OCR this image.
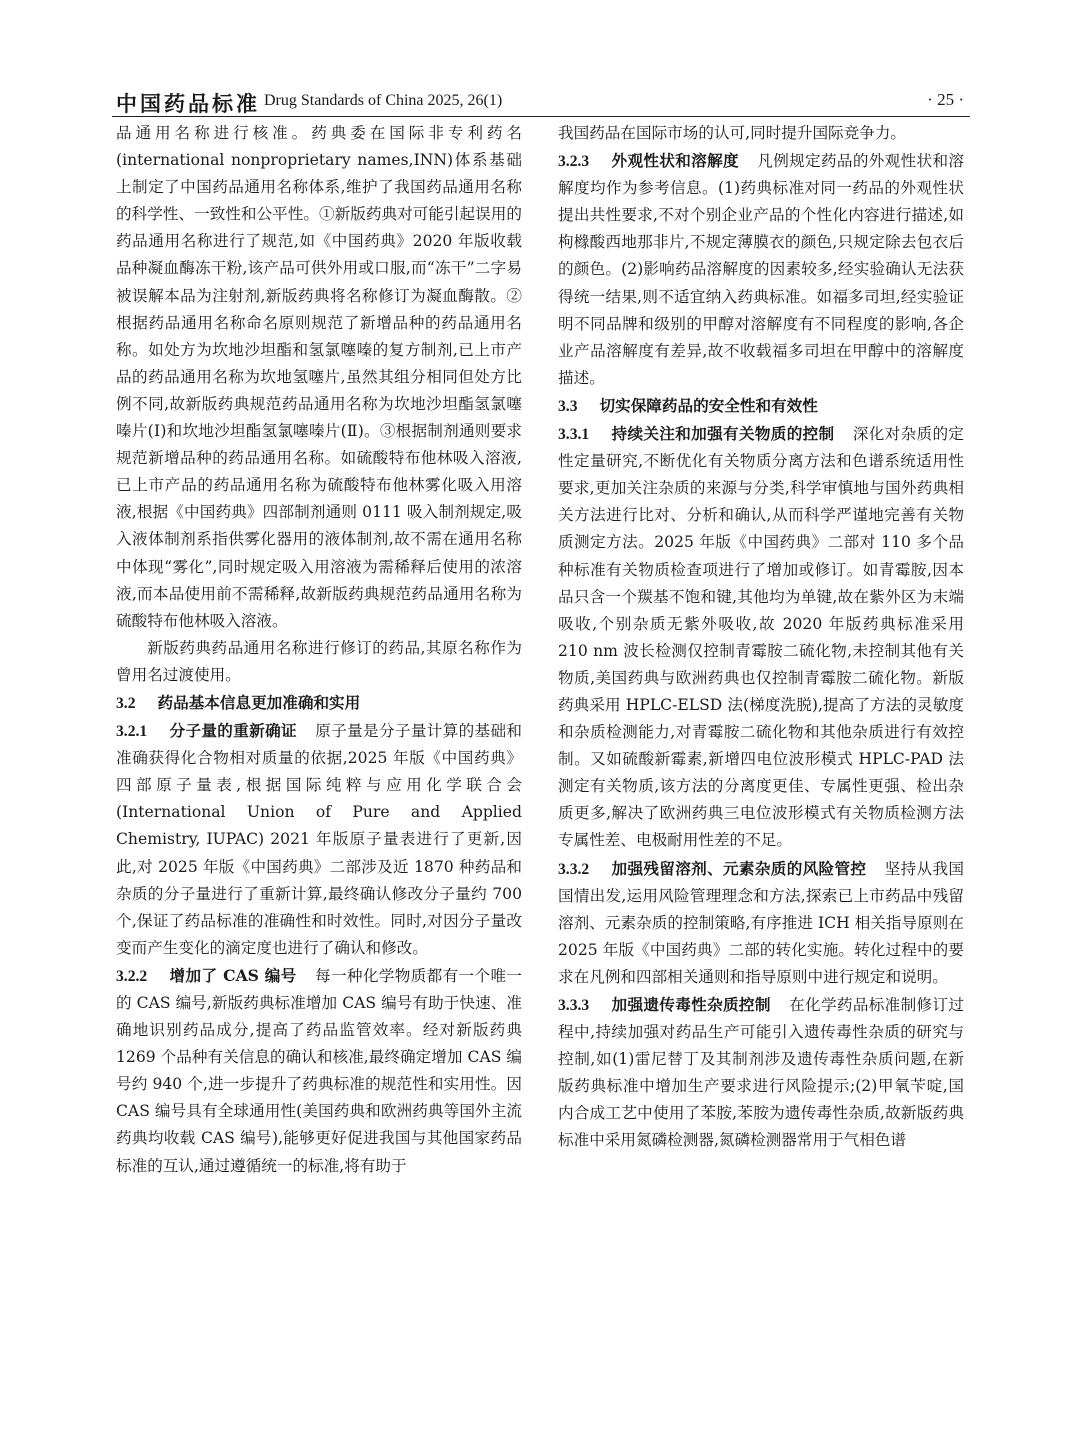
中国药品标准 Drug Standards of China 2025, 26(1)	· 25 ·

品通用名称进行核准。药典委在国际非专利药名(international nonproprietary names,INN)体系基础上制定了中国药品通用名称体系,维护了我国药品通用名称的科学性、一致性和公平性。①新版药典对可能引起误用的药品通用名称进行了规范,如《中国药典》2020 年版收载品种凝血酶冻干粉,该产品可供外用或口服,而“冻干”二字易被误解本品为注射剂,新版药典将名称修订为凝血酶散。②根据药品通用名称命名原则规范了新增品种的药品通用名称。如处方为坎地沙坦酯和氢氯噻嗪的复方制剂,已上市产品的药品通用名称为坎地氢噻片,虽然其组分相同但处方比例不同,故新版药典规范药品通用名称为坎地沙坦酯氢氯噻嗪片(Ⅰ)和坎地沙坦酯氢氯噻嗪片(Ⅱ)。③根据制剂通则要求规范新增品种的药品通用名称。如硫酸特布他林吸入溶液,已上市产品的药品通用名称为硫酸特布他林雾化吸入用溶液,根据《中国药典》四部制剂通则 0111 吸入制剂规定,吸入液体制剂系指供雾化器用的液体制剂,故不需在通用名称中体现“雾化”,同时规定吸入用溶液为需稀释后使用的浓溶液,而本品使用前不需稀释,故新版药典规范药品通用名称为硫酸特布他林吸入溶液。

新版药典药品通用名称进行修订的药品,其原名称作为曾用名过渡使用。

3.2 药品基本信息更加准确和实用

3.2.1 分子量的重新确证 原子量是分子量计算的基础和准确获得化合物相对质量的依据,2025 年版《中国药典》四部原子量表,根据国际纯粹与应用化学联合会(International Union of Pure and Applied Chemistry, IUPAC) 2021 年版原子量表进行了更新,因此,对 2025 年版《中国药典》二部涉及近 1870 种药品和杂质的分子量进行了重新计算,最终确认修改分子量约 700 个,保证了药品标准的准确性和时效性。同时,对因分子量改变而产生变化的滴定度也进行了确认和修改。

3.2.2 增加了 CAS 编号 每一种化学物质都有一个唯一的 CAS 编号,新版药典标准增加 CAS 编号有助于快速、准确地识别药品成分,提高了药品监管效率。经对新版药典 1269 个品种有关信息的确认和核准,最终确定增加 CAS 编号约 940 个,进一步提升了药典标准的规范性和实用性。因 CAS 编号具有全球通用性(美国药典和欧洲药典等国外主流药典均收载 CAS 编号),能够更好促进我国与其他国家药品标准的互认,通过遵循统一的标准,将有助于

我国药品在国际市场的认可,同时提升国际竞争力。

3.2.3 外观性状和溶解度 凡例规定药品的外观性状和溶解度均作为参考信息。(1)药典标准对同一药品的外观性状提出共性要求,不对个别企业产品的个性化内容进行描述,如枸橼酸西地那非片,不规定薄膜衣的颜色,只规定除去包衣后的颜色。(2)影响药品溶解度的因素较多,经实验确认无法获得统一结果,则不适宜纳入药典标准。如福多司坦,经实验证明不同品牌和级别的甲醇对溶解度有不同程度的影响,各企业产品溶解度有差异,故不收载福多司坦在甲醇中的溶解度描述。

3.3 切实保障药品的安全性和有效性

3.3.1 持续关注和加强有关物质的控制 深化对杂质的定性定量研究,不断优化有关物质分离方法和色谱系统适用性要求,更加关注杂质的来源与分类,科学审慎地与国外药典相关方法进行比对、分析和确认,从而科学严谨地完善有关物质测定方法。2025 年版《中国药典》二部对 110 多个品种标准有关物质检查项进行了增加或修订。如青霉胺,因本品只含一个羰基不饱和键,其他均为单键,故在紫外区为末端吸收,个别杂质无紫外吸收,故 2020 年版药典标准采用 210 nm 波长检测仅控制青霉胺二硫化物,未控制其他有关物质,美国药典与欧洲药典也仅控制青霉胺二硫化物。新版药典采用 HPLC-ELSD 法(梯度洗脱),提高了方法的灵敏度和杂质检测能力,对青霉胺二硫化物和其他杂质进行有效控制。又如硫酸新霉素,新增四电位波形模式 HPLC-PAD 法测定有关物质,该方法的分离度更佳、专属性更强、检出杂质更多,解决了欧洲药典三电位波形模式有关物质检测方法专属性差、电极耐用性差的不足。

3.3.2 加强残留溶剂、元素杂质的风险管控 坚持从我国国情出发,运用风险管理理念和方法,探索已上市药品中残留溶剂、元素杂质的控制策略,有序推进 ICH 相关指导原则在 2025 年版《中国药典》二部的转化实施。转化过程中的要求在凡例和四部相关通则和指导原则中进行规定和说明。

3.3.3 加强遗传毒性杂质控制 在化学药品标准制修订过程中,持续加强对药品生产可能引入遗传毒性杂质的研究与控制,如(1)雷尼替丁及其制剂涉及遗传毒性杂质问题,在新版药典标准中增加生产要求进行风险提示;(2)甲氧苄啶,国内合成工艺中使用了苯胺,苯胺为遗传毒性杂质,故新版药典标准中采用氮磷检测器,氮磷检测器常用于气相色谱
